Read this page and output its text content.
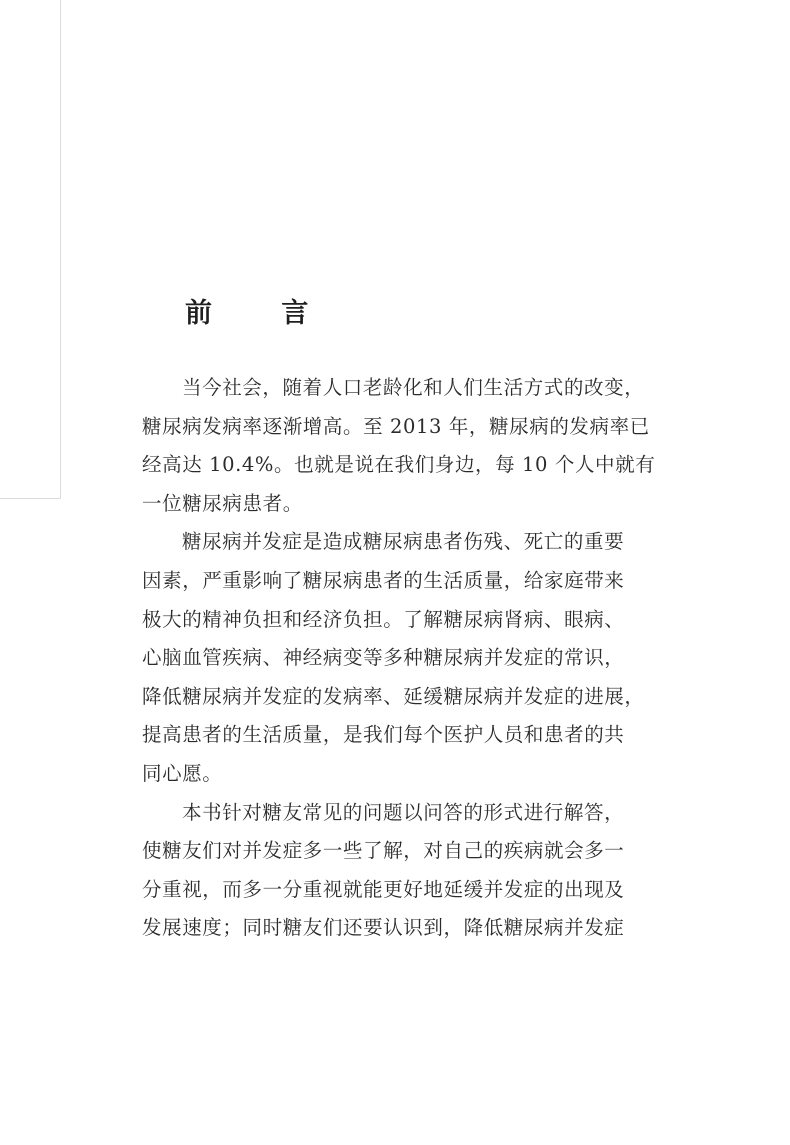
前 言
当今社会，随着人口老龄化和人们生活方式的改变，
糖尿病发病率逐渐增高。至 2013 年，糖尿病的发病率已
经高达 10.4%。也就是说在我们身边，每 10 个人中就有
一位糖尿病患者。
糖尿病并发症是造成糖尿病患者伤残、死亡的重要
因素，严重影响了糖尿病患者的生活质量，给家庭带来
极大的精神负担和经济负担。了解糖尿病肾病、眼病、
心脑血管疾病、神经病变等多种糖尿病并发症的常识，
降低糖尿病并发症的发病率、延缓糖尿病并发症的进展，
提高患者的生活质量，是我们每个医护人员和患者的共
同心愿。
本书针对糖友常见的问题以问答的形式进行解答，
使糖友们对并发症多一些了解，对自己的疾病就会多一
分重视，而多一分重视就能更好地延缓并发症的出现及
发展速度；同时糖友们还要认识到，降低糖尿病并发症
